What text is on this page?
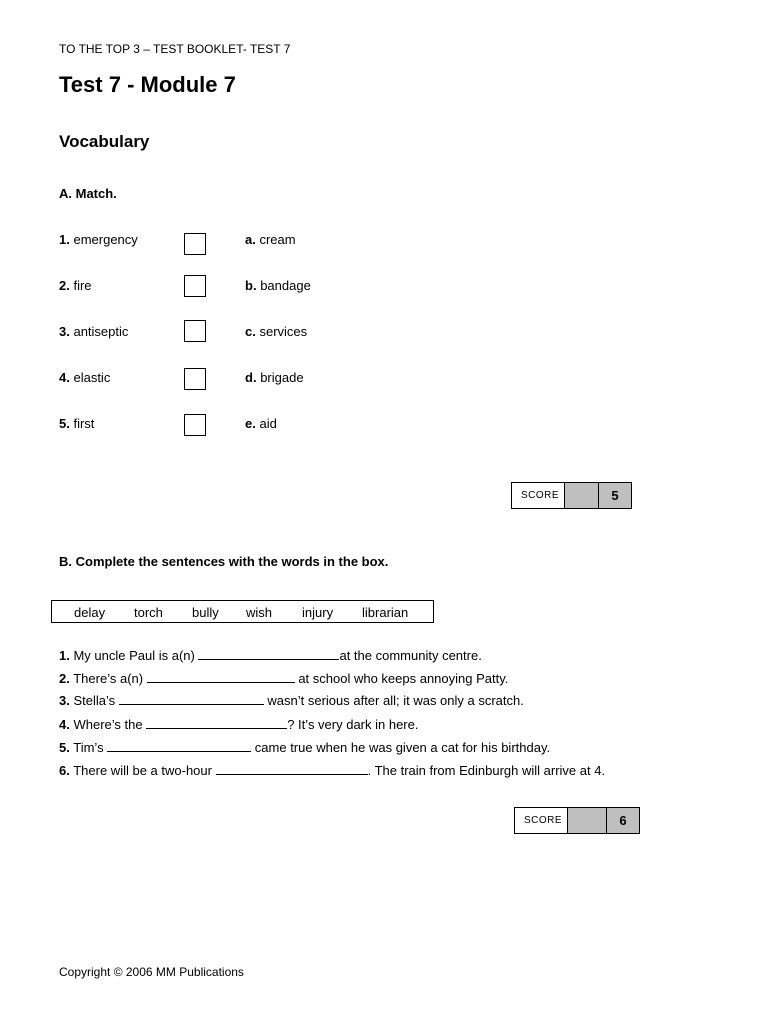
TO THE TOP 3 – TEST BOOKLET- TEST 7
Test 7 - Module 7
Vocabulary
A. Match.
1. emergency	a. cream
2. fire	b. bandage
3. antiseptic	c. services
4. elastic	d. brigade
5. first	e. aid
SCORE	5
B. Complete the sentences with the words in the box.
delay torch bully wish injury librarian
1. My uncle Paul is a(n)	at the community centre.
2. There’s a(n)	at school who keeps annoying Patty.
3. Stella’s	wasn’t serious after all; it was only a scratch.
4. Where’s the	? It’s very dark in here.
5. Tim’s	came true when he was given a cat for his birthday.
6. There will be a two-hour	. The train from Edinburgh will arrive at 4.
SCORE	6
Copyright © 2006 MM Publications
